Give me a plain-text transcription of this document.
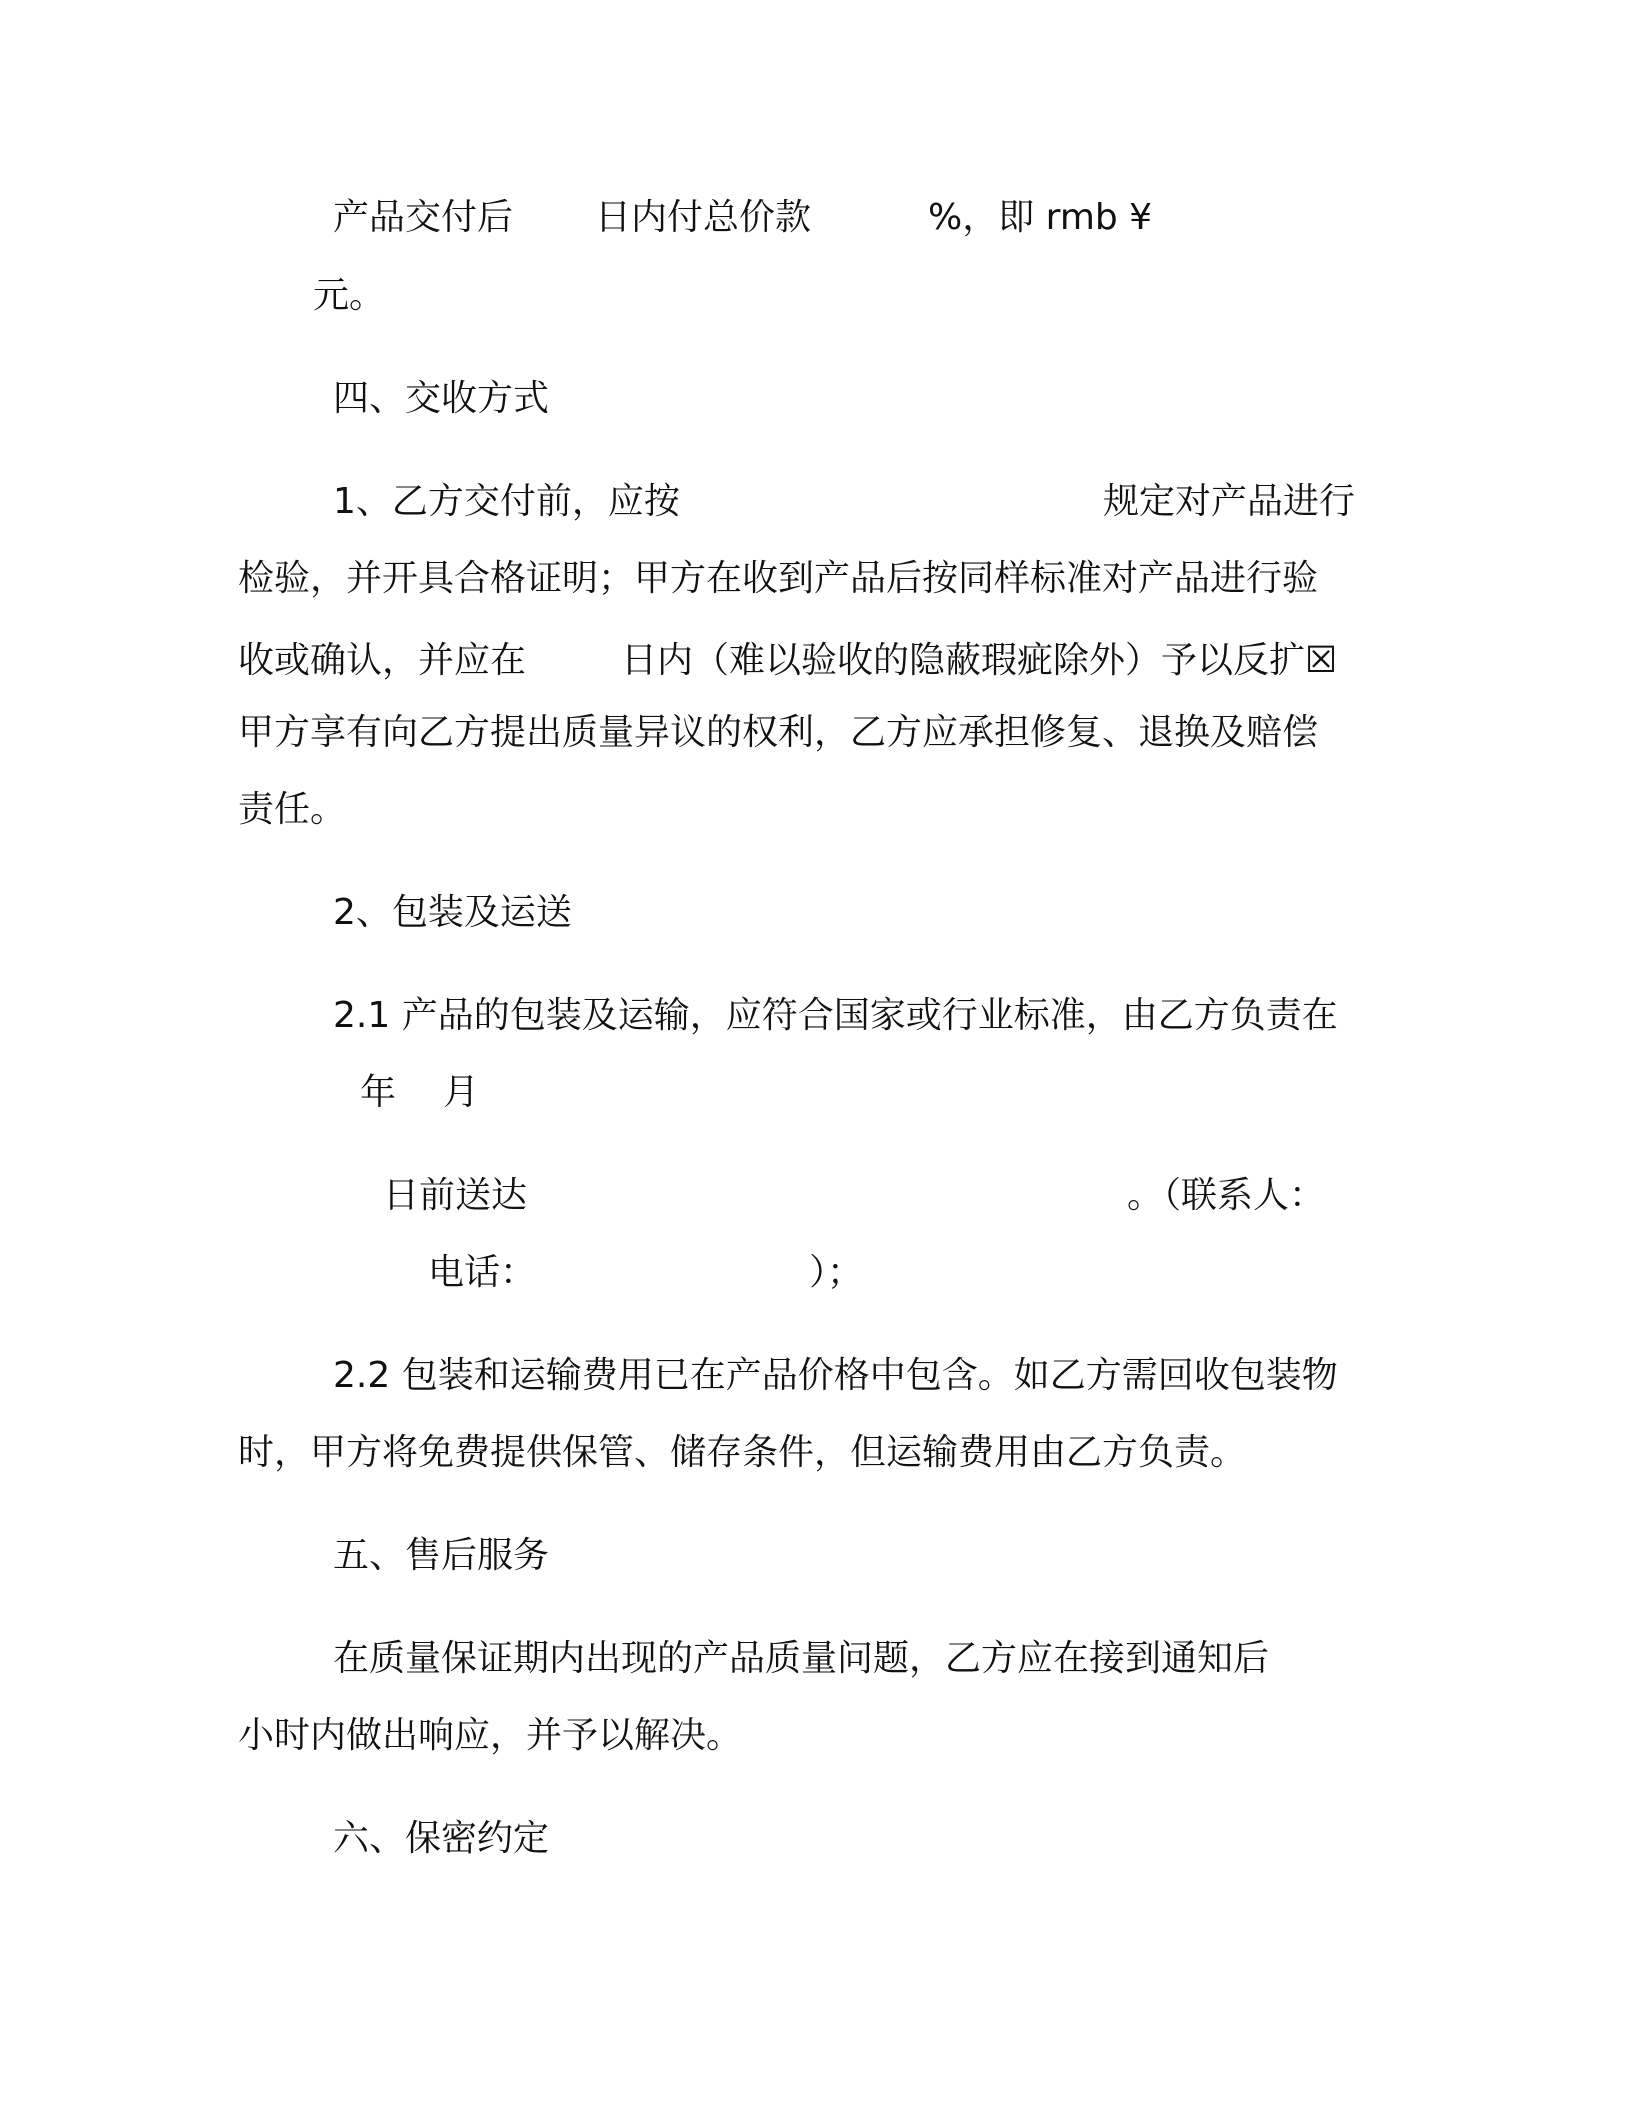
产品交付后 日内付总价款	%，即 rmb ¥
元。
四、交收方式
1、乙方交付前，应按	规定对产品进行
检验，并开具合格证明；甲方在收到产品后按同样标准对产品进行验
收或确认，并应在	日内（难以验收的隐蔽瑕疵除外）予以反扩☒
甲方享有向乙方提出质量异议的权利，乙方应承担修复、退换及赔偿
责任。
2、包装及运送
2.1 产品的包装及运输，应符合国家或行业标准，由乙方负责在
年 月
日前送达	。（联系人：
电话：	）；
2.2 包装和运输费用已在产品价格中包含。如乙方需回收包装物
时，甲方将免费提供保管、储存条件，但运输费用由乙方负责。
五、售后服务
在质量保证期内出现的产品质量问题，乙方应在接到通知后
小时内做出响应，并予以解决。
六、保密约定
